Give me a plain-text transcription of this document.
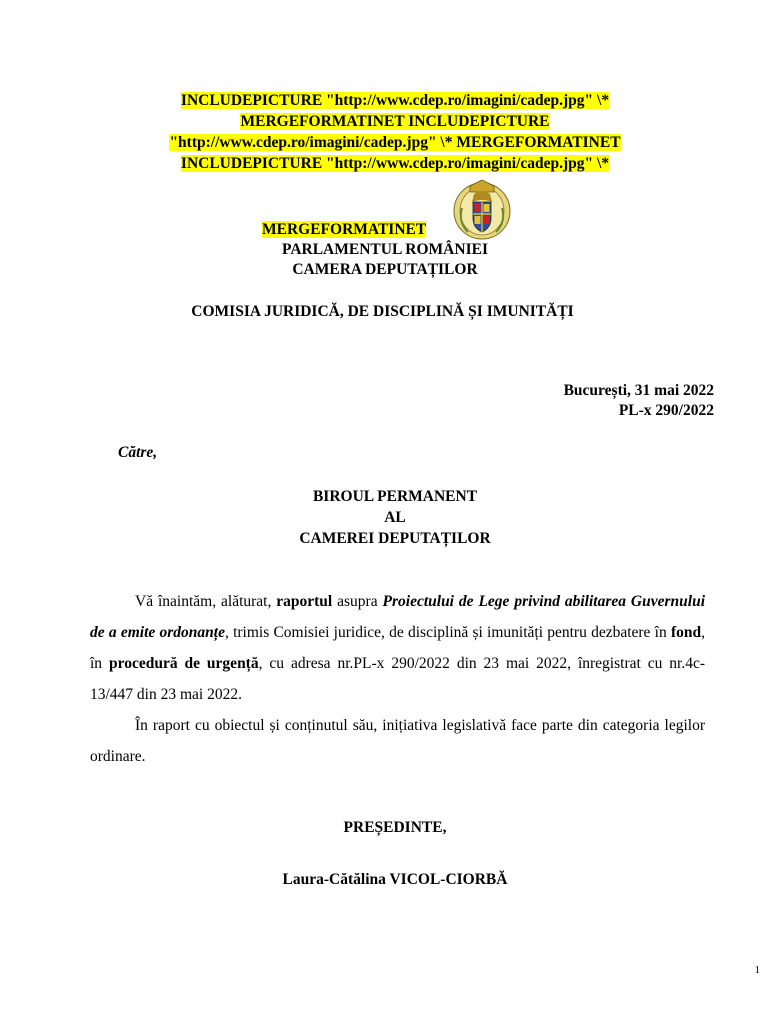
INCLUDEPICTURE "http://www.cdep.ro/imagini/cadep.jpg" \*
MERGEFORMATINET INCLUDEPICTURE
"http://www.cdep.ro/imagini/cadep.jpg" \* MERGEFORMATINET
INCLUDEPICTURE "http://www.cdep.ro/imagini/cadep.jpg" \*
MERGEFORMATINET
PARLAMENTUL ROMÂNIEI
CAMERA DEPUTAȚILOR
COMISIA JURIDICĂ, DE DISCIPLINĂ ȘI IMUNITĂȚI
București, 31 mai 2022
PL-x 290/2022
Către,
BIROUL PERMANENT
AL
CAMEREI DEPUTAȚILOR

Vă înaintăm, alăturat, raportul asupra Proiectului de Lege privind abilitarea Guvernului de a emite ordonanțe, trimis Comisiei juridice, de disciplină și imunități pentru dezbatere în fond, în procedură de urgență, cu adresa nr.PL-x 290/2022 din 23 mai 2022, înregistrat cu nr.4c-13/447 din 23 mai 2022.

În raport cu obiectul și conținutul său, inițiativa legislativă face parte din categoria legilor ordinare.

PREȘEDINTE,
Laura-Cătălina VICOL-CIORBĂ
1
